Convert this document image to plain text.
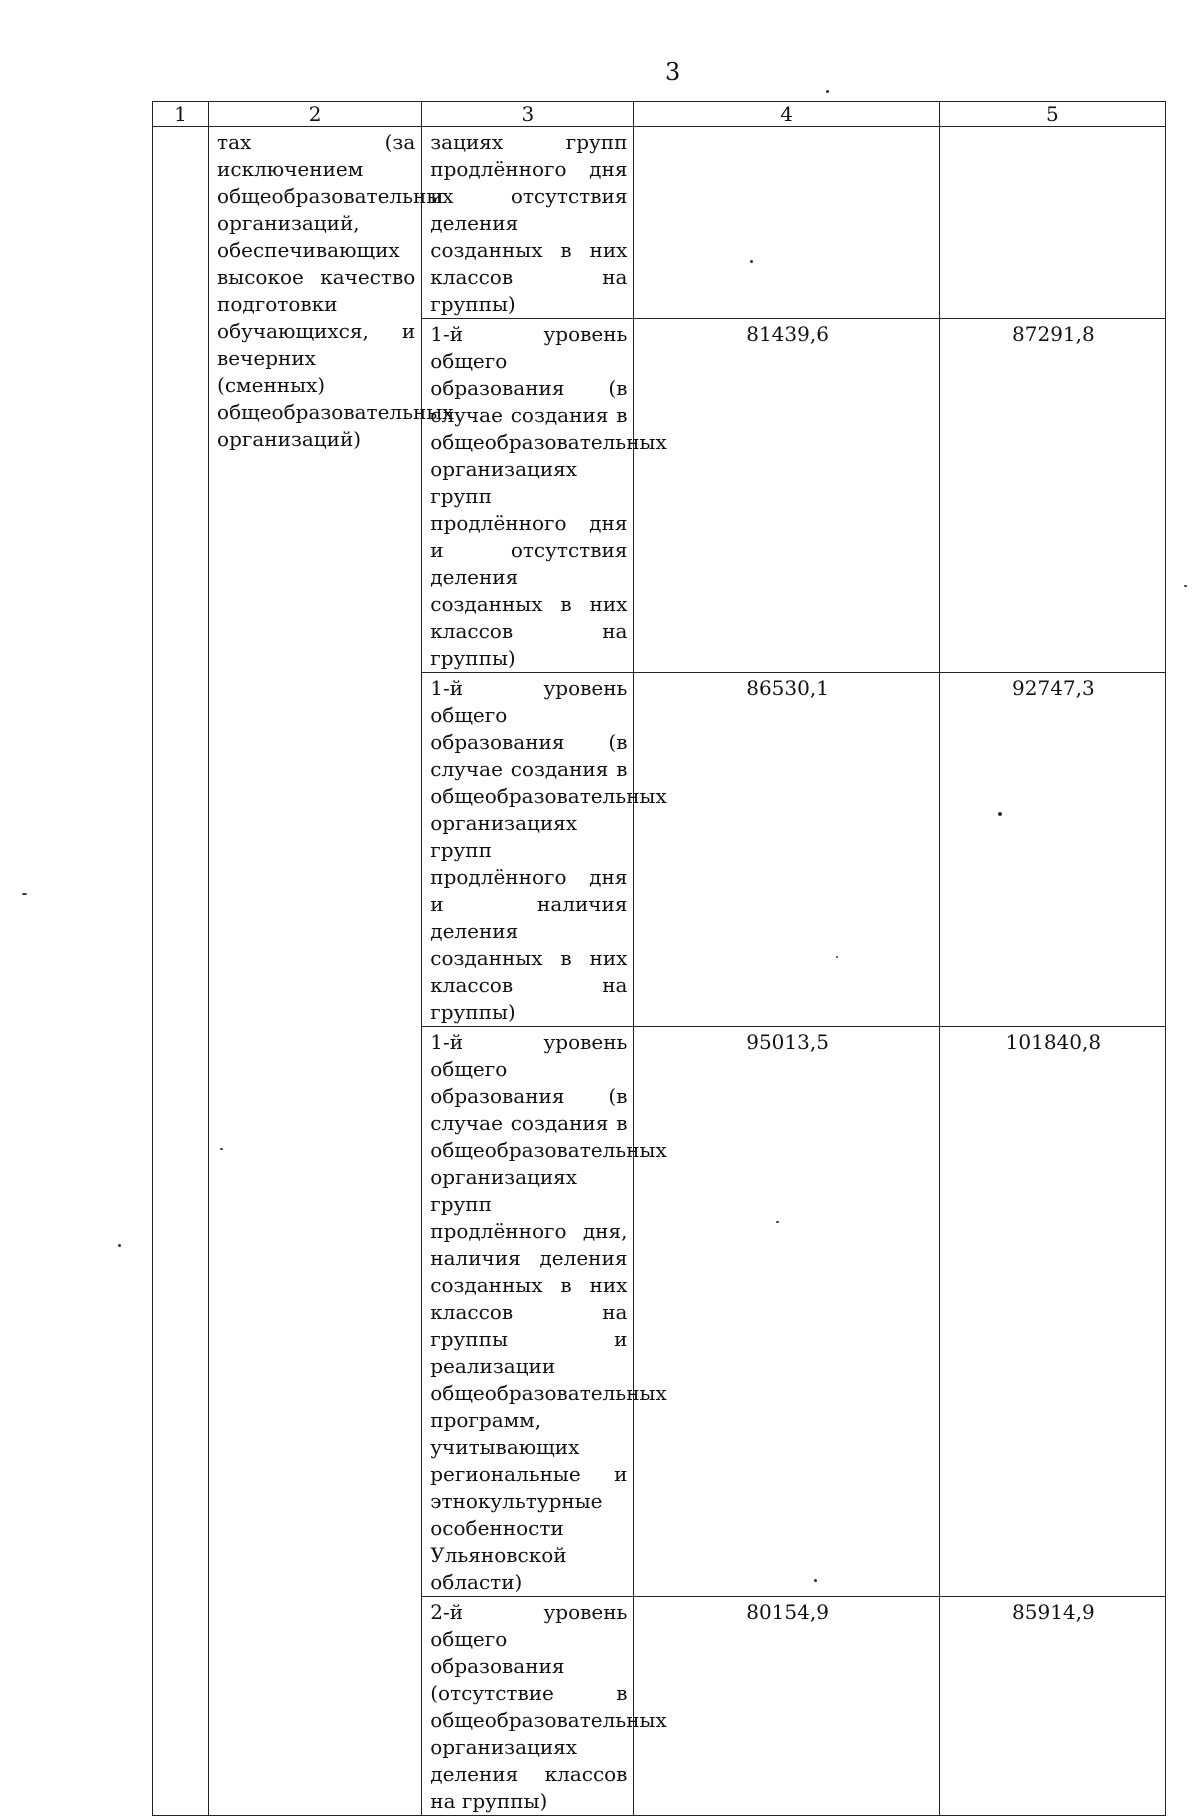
3
1	2	3	4	5
	тах (за исключением общеобразовательных организаций, обеспечивающих высокое качество подготовки обучающихся, и вечерних (сменных) общеобразовательных организаций)	зациях групп продлённого дня и отсутствия деления созданных в них классов на группы)		
		1-й уровень общего образования (в случае создания в общеобразовательных организациях групп продлённого дня и отсутствия деления созданных в них классов на группы)	81439,6	87291,8
		1-й уровень общего образования (в случае создания в общеобразовательных организациях групп продлённого дня и наличия деления созданных в них классов на группы)	86530,1	92747,3
		1-й уровень общего образования (в случае создания в общеобразовательных организациях групп продлённого дня, наличия деления созданных в них классов на группы и реализации общеобразовательных программ, учитывающих региональные и этнокультурные особенности Ульяновской области)	95013,5	101840,8
		2-й уровень общего образования (отсутствие в общеобразовательных организациях деления классов на группы)	80154,9	85914,9
